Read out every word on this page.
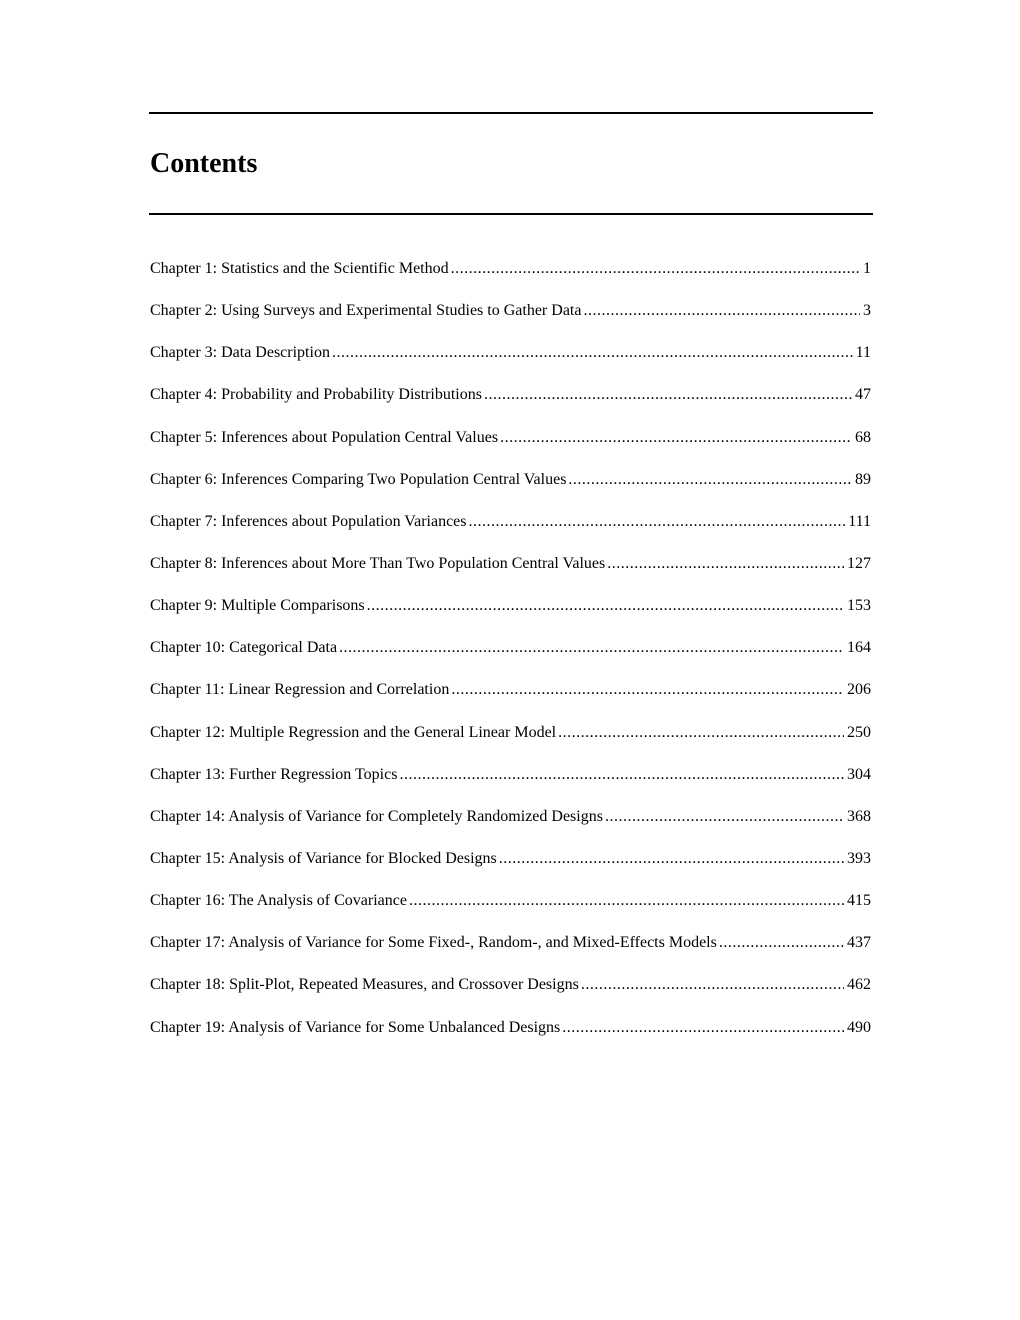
Contents
Chapter 1: Statistics and the Scientific Method .....	1
Chapter 2: Using Surveys and Experimental Studies to Gather Data .....	3
Chapter 3: Data Description .....	11
Chapter 4: Probability and Probability Distributions .....	47
Chapter 5: Inferences about Population Central Values .....	68
Chapter 6: Inferences Comparing Two Population Central Values .....	89
Chapter 7: Inferences about Population Variances .....	111
Chapter 8: Inferences about More Than Two Population Central Values .....	127
Chapter 9: Multiple Comparisons .....	153
Chapter 10: Categorical Data .....	164
Chapter 11: Linear Regression and Correlation .....	206
Chapter 12: Multiple Regression and the General Linear Model .....	250
Chapter 13: Further Regression Topics .....	304
Chapter 14: Analysis of Variance for Completely Randomized Designs .....	368
Chapter 15: Analysis of Variance for Blocked Designs .....	393
Chapter 16: The Analysis of Covariance .....	415
Chapter 17: Analysis of Variance for Some Fixed-, Random-, and Mixed-Effects Models .....	437
Chapter 18: Split-Plot, Repeated Measures, and Crossover Designs .....	462
Chapter 19: Analysis of Variance for Some Unbalanced Designs .....	490
